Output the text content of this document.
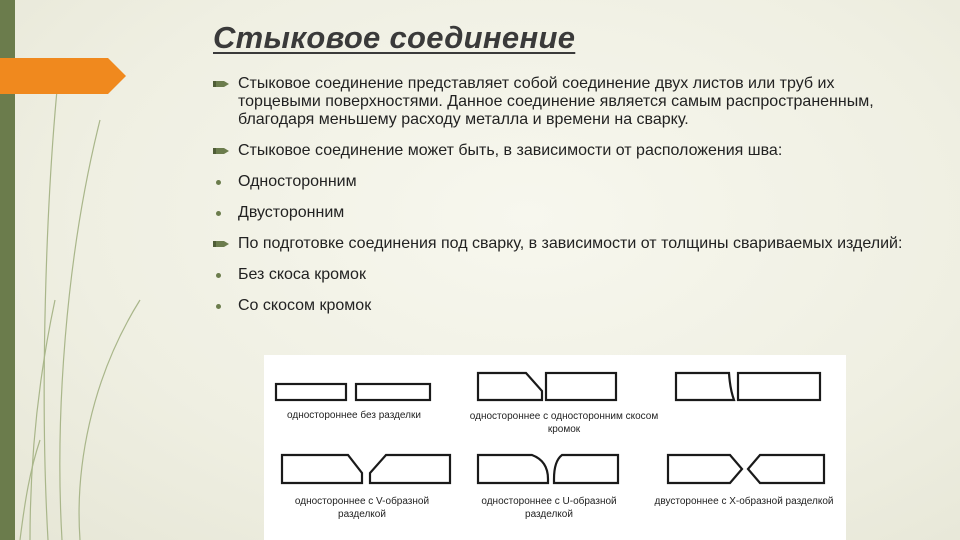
Стыковое соединение
Стыковое соединение представляет собой соединение двух листов или труб их торцевыми поверхностями. Данное соединение является самым распространенным, благодаря меньшему расходу металла и времени на сварку.
Стыковое соединение может быть, в зависимости от расположения шва:
Односторонним
Двусторонним
По подготовке соединения под сварку, в зависимости от толщины свариваемых изделий:
Без скоса кромок
Со скосом кромок
одностороннее без разделки	одностороннее с односторонним скосом кромок
одностороннее с V-образной разделкой
одностороннее с U-образной разделкой
двустороннее с X-образной разделкой
